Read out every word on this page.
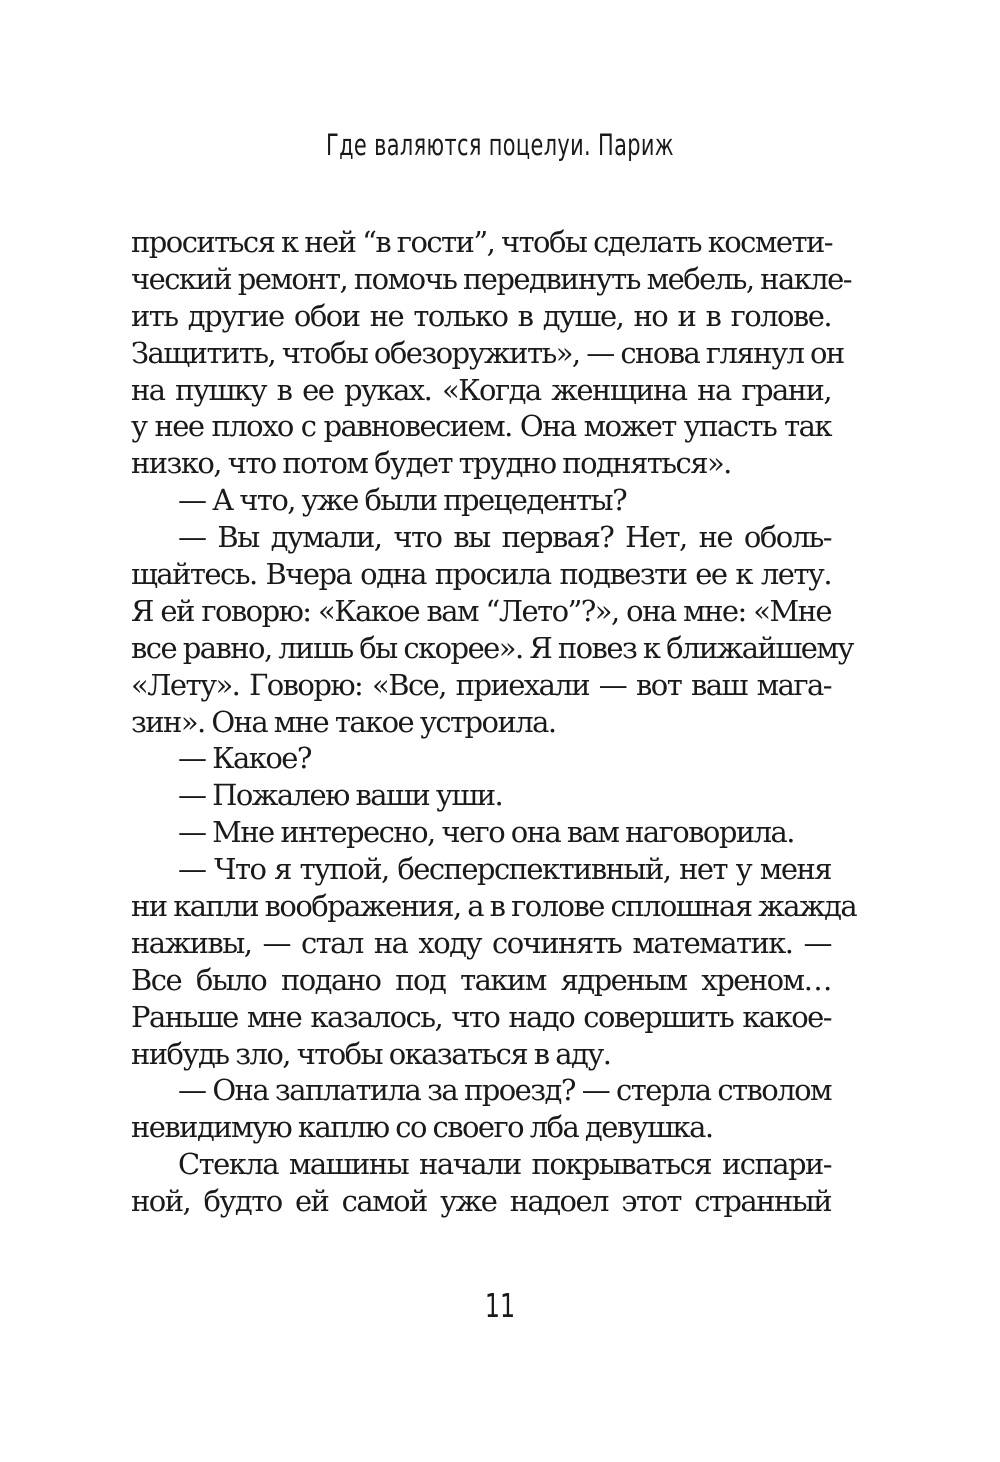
Где валяются поцелуи. Париж
проситься к ней “в гости”, чтобы сделать космети-
ческий ремонт, помочь передвинуть мебель, накле-
ить другие обои не только в душе, но и в голове.
Защитить, чтобы обезоружить», — снова глянул он
на пушку в ее руках. «Когда женщина на грани,
у нее плохо с равновесием. Она может упасть так
низко, что потом будет трудно подняться».
— А что, уже были прецеденты?
— Вы думали, что вы первая? Нет, не оболь-
щайтесь. Вчера одна просила подвезти ее к лету.
Я ей говорю: «Какое вам “Лето”?», она мне: «Мне
все равно, лишь бы скорее». Я повез к ближайшему
«Лету». Говорю: «Все, приехали — вот ваш мага-
зин». Она мне такое устроила.
— Какое?
— Пожалею ваши уши.
— Мне интересно, чего она вам наговорила.
— Что я тупой, бесперспективный, нет у меня
ни капли воображения, а в голове сплошная жажда
наживы, — стал на ходу сочинять математик. —
Все было подано под таким ядреным хреном…
Раньше мне казалось, что надо совершить какое-
нибудь зло, чтобы оказаться в аду.
— Она заплатила за проезд? — стерла стволом
невидимую каплю со своего лба девушка.
Стекла машины начали покрываться испари-
ной, будто ей самой уже надоел этот странный
11
